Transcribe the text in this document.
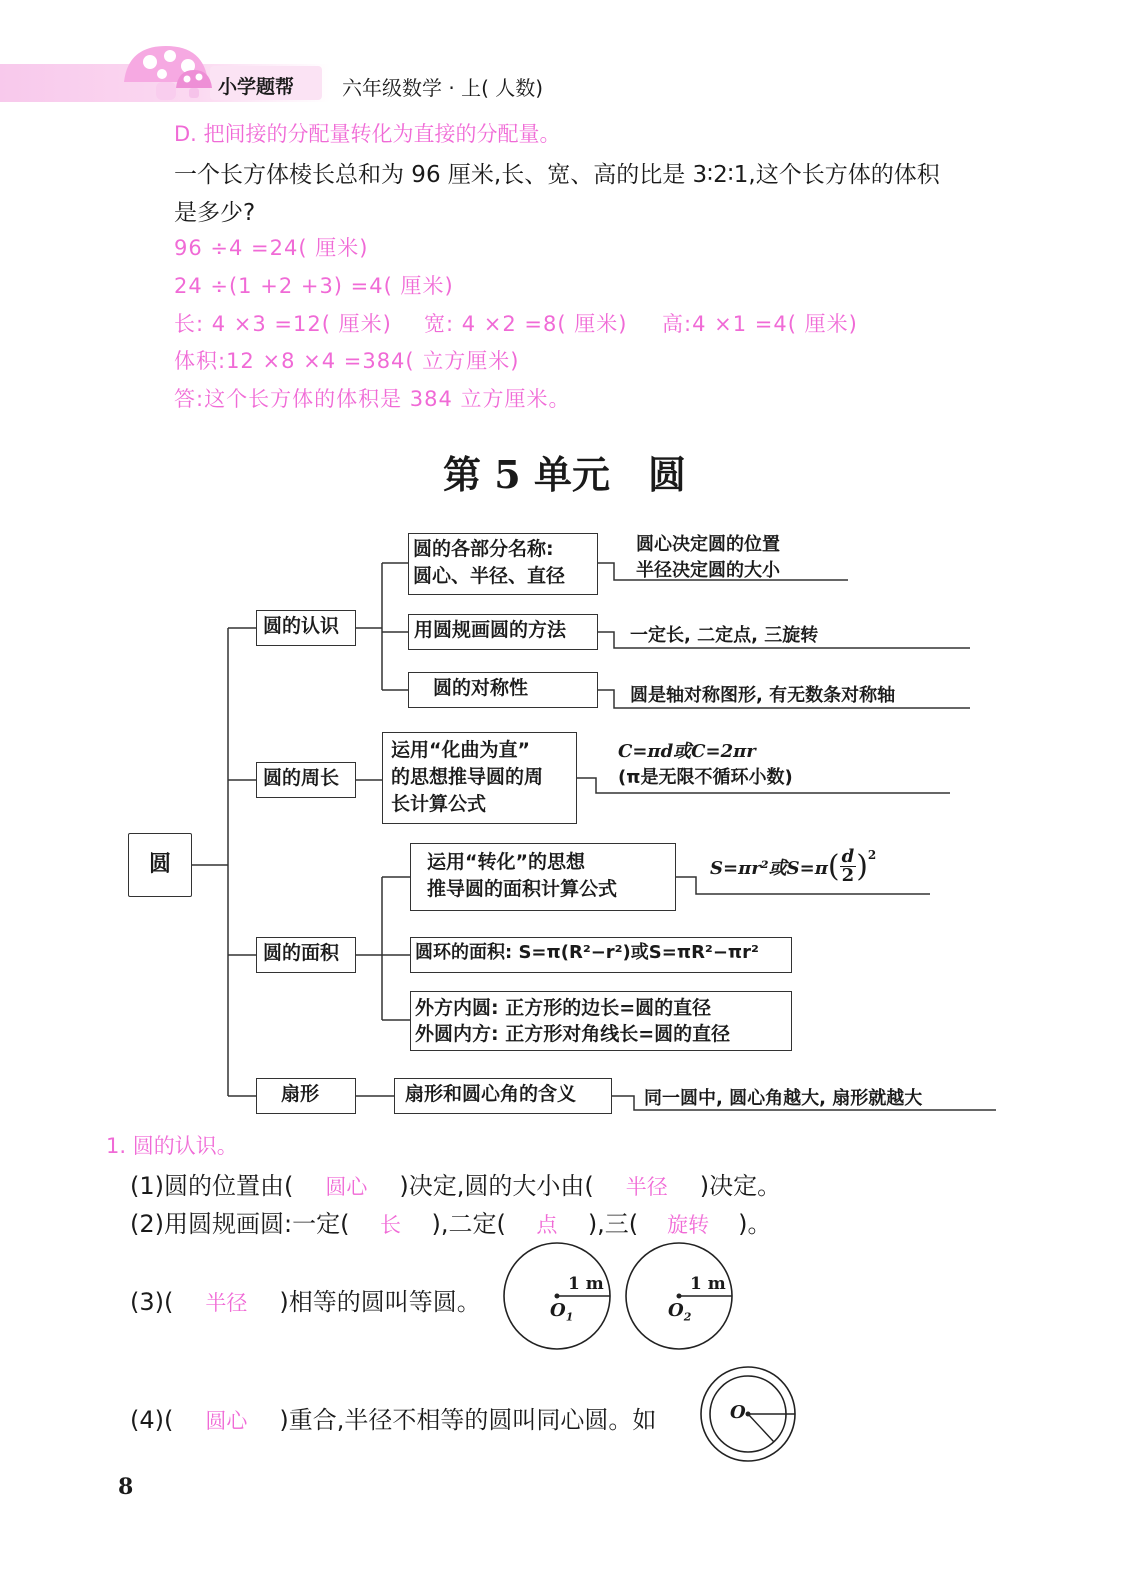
小学题帮 六年级数学 · 上( 人数)
D. 把间接的分配量转化为直接的分配量。
一个长方体棱长总和为 96 厘米,长、宽、高的比是 3∶2∶1,这个长方体的体积
是多少?
96 ÷4 =24( 厘米)
24 ÷(1 +2 +3) =4( 厘米)
长: 4 ×3 =12( 厘米) 宽: 4 ×2 =8( 厘米) 高:4 ×1 =4( 厘米)
体积:12 ×8 ×4 =384( 立方厘米)
答:这个长方体的体积是 384 立方厘米。
第 5 单元　圆
圆
圆的认识
圆的各部分名称:
圆心、半径、直径
圆心决定圆的位置
半径决定圆的大小
用圆规画圆的方法	一定长, 二定点, 三旋转
圆的对称性	圆是轴对称图形, 有无数条对称轴
圆的周长
运用“化曲为直”
的思想推导圆的周
长计算公式
C=πd或C=2πr
(π是无限不循环小数)
圆的面积
运用“转化”的思想
推导圆的面积计算公式
S=πr²或$S=\pi( \frac{d}{2} )^2$
圆环的面积: S=π(R²−r²)或S=πR²−πr²
外方内圆: 正方形的边长=圆的直径
外圆内方: 正方形对角线长=圆的直径
扇形	扇形和圆心角的含义	同一圆中, 圆心角越大, 扇形就越大
1. 圆的认识。
(1)圆的位置由( 圆心 )决定,圆的大小由( 半径 )决定。
(2)用圆规画圆:一定( 长 ),二定( 点 ),三( 旋转 )。
(3)( 半径 )相等的圆叫等圆。
1 m
$O_1$
1 m
$O_2$
(4)( 圆心 )重合,半径不相等的圆叫同心圆。如	O
8
